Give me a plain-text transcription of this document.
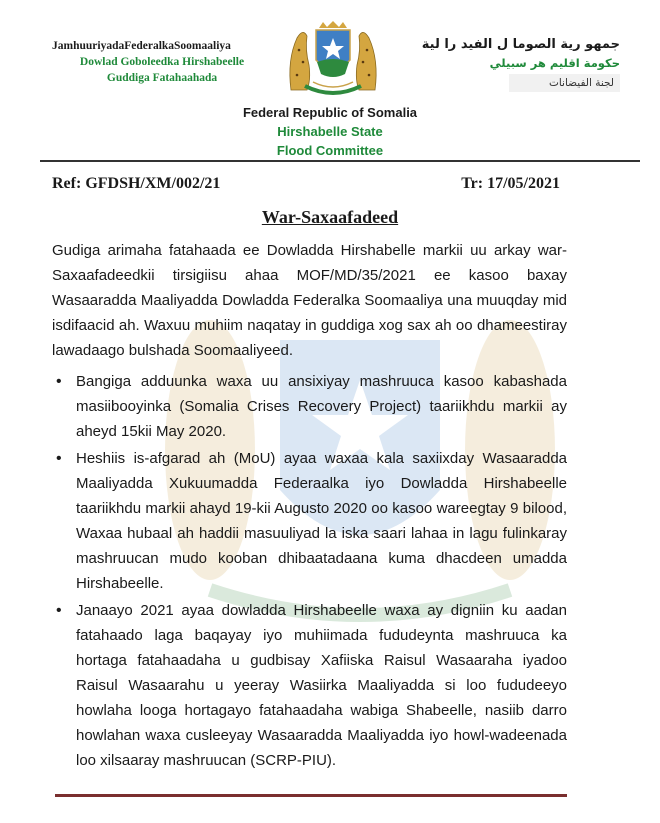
JamhuuriyadaFederalkaSoomaaliya
Dowlad Goboleedka Hirshabeelle
Guddiga Fatahaahada
جمهو رية الصوما ل الفيد را لية
حكومة اقليم هر سبيلي
لجنة الفيضانات
Federal Republic of Somalia
Hirshabelle State
Flood Committee
Ref: GFDSH/XM/002/21	Tr: 17/05/2021
War-Saxaafadeed

Gudiga arimaha fatahaada ee Dowladda Hirshabelle markii uu arkay war-Saxaafadeedkii tirsigiisu ahaa MOF/MD/35/2021 ee kasoo baxay Wasaaradda Maaliyadda Dowladda Federalka Soomaaliya una muuqday mid isdifaacid ah. Waxuu muhiim naqatay in guddiga xog sax ah oo dhameestiray lawadaago bulshada Soomaaliyeed.

• Bangiga adduunka waxa uu ansixiyay mashruuca kasoo kabashada masiibooyinka (Somalia Crises Recovery Project) taariikhdu markii ay aheyd 15kii May 2020.
• Heshiis is-afgarad ah (MoU) ayaa waxaa kala saxiixday Wasaaradda Maaliyadda Xukuumadda Federaalka iyo Dowladda Hirshabeelle taariikhdu markii ahayd 19-kii Augusto 2020 oo kasoo wareegtay 9 bilood, Waxaa hubaal ah haddii masuuliyad la iska saari lahaa in lagu fulinkaray mashruucan mudo kooban dhibaatadaana kuma dhacdeen umadda Hirshabeelle.
• Janaayo 2021 ayaa dowladda Hirshabeelle waxa ay digniin ku aadan fatahaado laga baqayay iyo muhiimada fududeynta mashruuca ka hortaga fatahaadaha u gudbisay Xafiiska Raisul Wasaaraha iyadoo Raisul Wasaarahu u yeeray Wasiirka Maaliyadda si loo fududeeyo howlaha looga hortagayo fatahaadaha wabiga Shabeelle, nasiib darro howlahan waxa cusleeyay Wasaaradda Maaliyadda iyo howl-wadeenada loo xilsaaray mashruucan (SCRP-PIU).
